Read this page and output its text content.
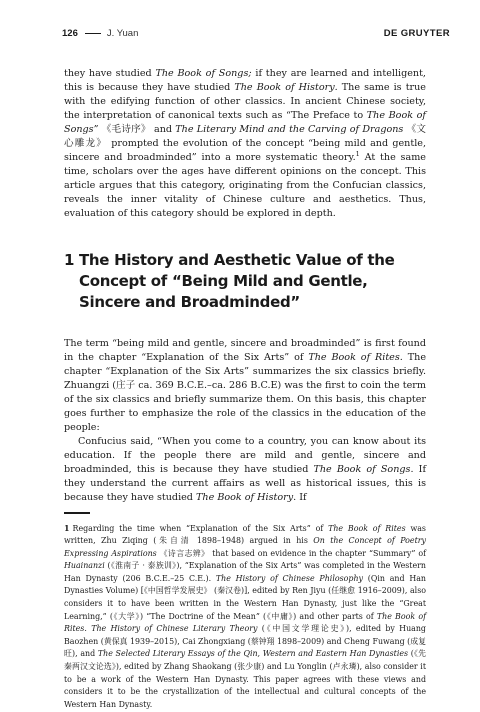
126	J. Yuan	DE GRUYTER

they have studied The Book of Songs; if they are learned and intelligent, this is because they have studied The Book of History. The same is true with the edifying function of other classics. In ancient Chinese society, the interpretation of canonical texts such as “The Preface to The Book of Songs” 《毛诗序》 and The Literary Mind and the Carving of Dragons 《文心雕龙》 prompted the evolution of the concept “being mild and gentle, sincere and broadminded” into a more systematic theory.$^1$ At the same time, scholars over the ages have different opinions on the concept. This article argues that this category, originating from the Confucian classics, reveals the inner vitality of Chinese culture and aesthetics. Thus, evaluation of this category should be explored in depth.

1 The History and Aesthetic Value of the Concept of “Being Mild and Gentle, Sincere and Broadminded”

The term “being mild and gentle, sincere and broadminded” is first found in the chapter “Explanation of the Six Arts” of The Book of Rites. The chapter “Explanation of the Six Arts” summarizes the six classics briefly. Zhuangzi (庄子 ca. 369 B.C.E.–ca. 286 B.C.E) was the first to coin the term of the six classics and briefly summarize them. On this basis, this chapter goes further to emphasize the role of the classics in the education of the people:

Confucius said, “When you come to a country, you can know about its education. If the people there are mild and gentle, sincere and broadminded, this is because they have studied The Book of Songs. If they understand the current affairs as well as historical issues, this is because they have studied The Book of History. If

1 Regarding the time when “Explanation of the Six Arts” of The Book of Rites was written, Zhu Ziqing (朱自清 1898–1948) argued in his On the Concept of Poetry Expressing Aspirations 《诗言志辨》 that based on evidence in the chapter “Summary” of Huainanzi (《淮南子 · 泰族训》), “Explanation of the Six Arts” was completed in the Western Han Dynasty (206 B.C.E.–25 C.E.). The History of Chinese Philosophy (Qin and Han Dynasties Volume) [《中国哲学发展史》 (秦汉卷)], edited by Ren Jiyu (任继愈 1916–2009), also considers it to have been written in the Western Han Dynasty, just like the “Great Learning,” (《大学》) “The Doctrine of the Mean” (《中庸》) and other parts of The Book of Rites. The History of Chinese Literary Theory (《中国文学理论史》), edited by Huang Baozhen (黄保真 1939–2015), Cai Zhongxiang (蔡钟翔 1898–2009) and Cheng Fuwang (成复旺), and The Selected Literary Essays of the Qin, Western and Eastern Han Dynasties (《先秦两汉文论选》), edited by Zhang Shaokang (张少康) and Lu Yonglin (卢永璘), also consider it to be a work of the Western Han Dynasty. This paper agrees with these views and considers it to be the crystallization of the intellectual and cultural concepts of the Western Han Dynasty.
